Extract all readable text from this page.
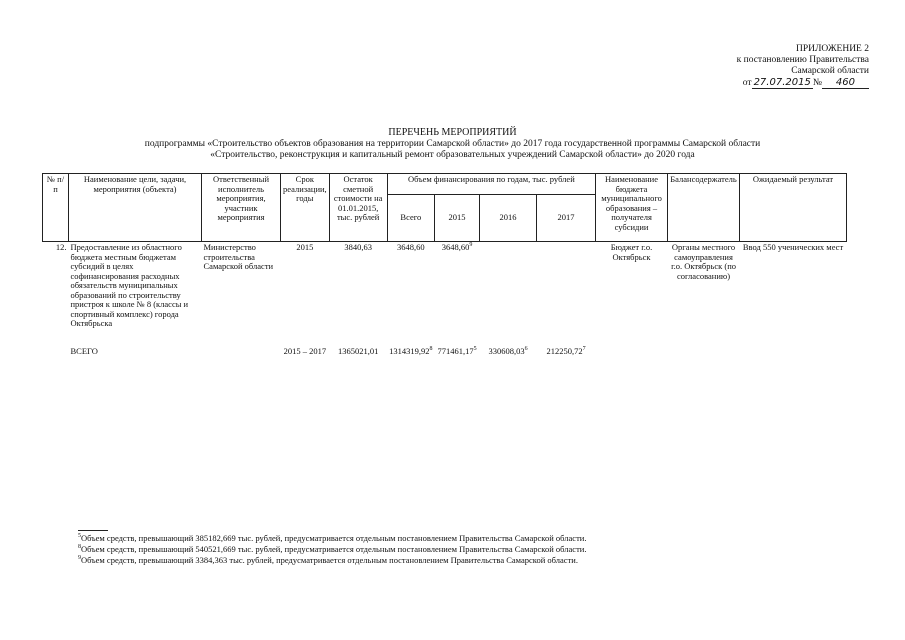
ПРИЛОЖЕНИЕ 2
к постановлению Правительства
Самарской области
от 27.07.2015 № 460
ПЕРЕЧЕНЬ МЕРОПРИЯТИЙ
подпрограммы «Строительство объектов образования на территории Самарской области» до 2017 года государственной программы Самарской области
«Строительство, реконструкция и капитальный ремонт образовательных учреждений Самарской области» до 2020 года
№ п/п	Наименование цели, задачи, мероприятия (объекта)	Ответственный исполнитель мероприятия, участник мероприятия	Срок реализации, годы	Остаток сметной стоимости на 01.01.2015, тыс. рублей	Объем финансирования по годам, тыс. рублей				Наименование бюджета муниципального образования – получателя субсидии	Балансодержатель	Ожидаемый результат
					Всего	2015	2016	2017			
12.	Предоставление из областного бюджета местным бюджетам субсидий в целях софинансирования расходных обязательств муниципальных образований по строительству пристроя к школе № 8 (классы и спортивный комплекс) города Октябрьска	Министерство строительства Самарской области	2015	3840,63	3648,60	3648,60$^9$			Бюджет г.о. Октябрьск	Органы местного самоуправления г.о. Октябрьск (по согласованию)	Ввод 550 ученических мест

	ВСЕГО		2015 – 2017	1365021,01	1314319,92$^8$	771461,17$^5$	330608,03$^6$	212250,72$^7$			
$^5$Объем средств, превышающий 385182,669 тыс. рублей, предусматривается отдельным постановлением Правительства Самарской области.
$^8$Объем средств, превышающий 540521,669 тыс. рублей, предусматривается отдельным постановлением Правительства Самарской области.
$^9$Объем средств, превышающий 3384,363 тыс. рублей, предусматривается отдельным постановлением Правительства Самарской области.
